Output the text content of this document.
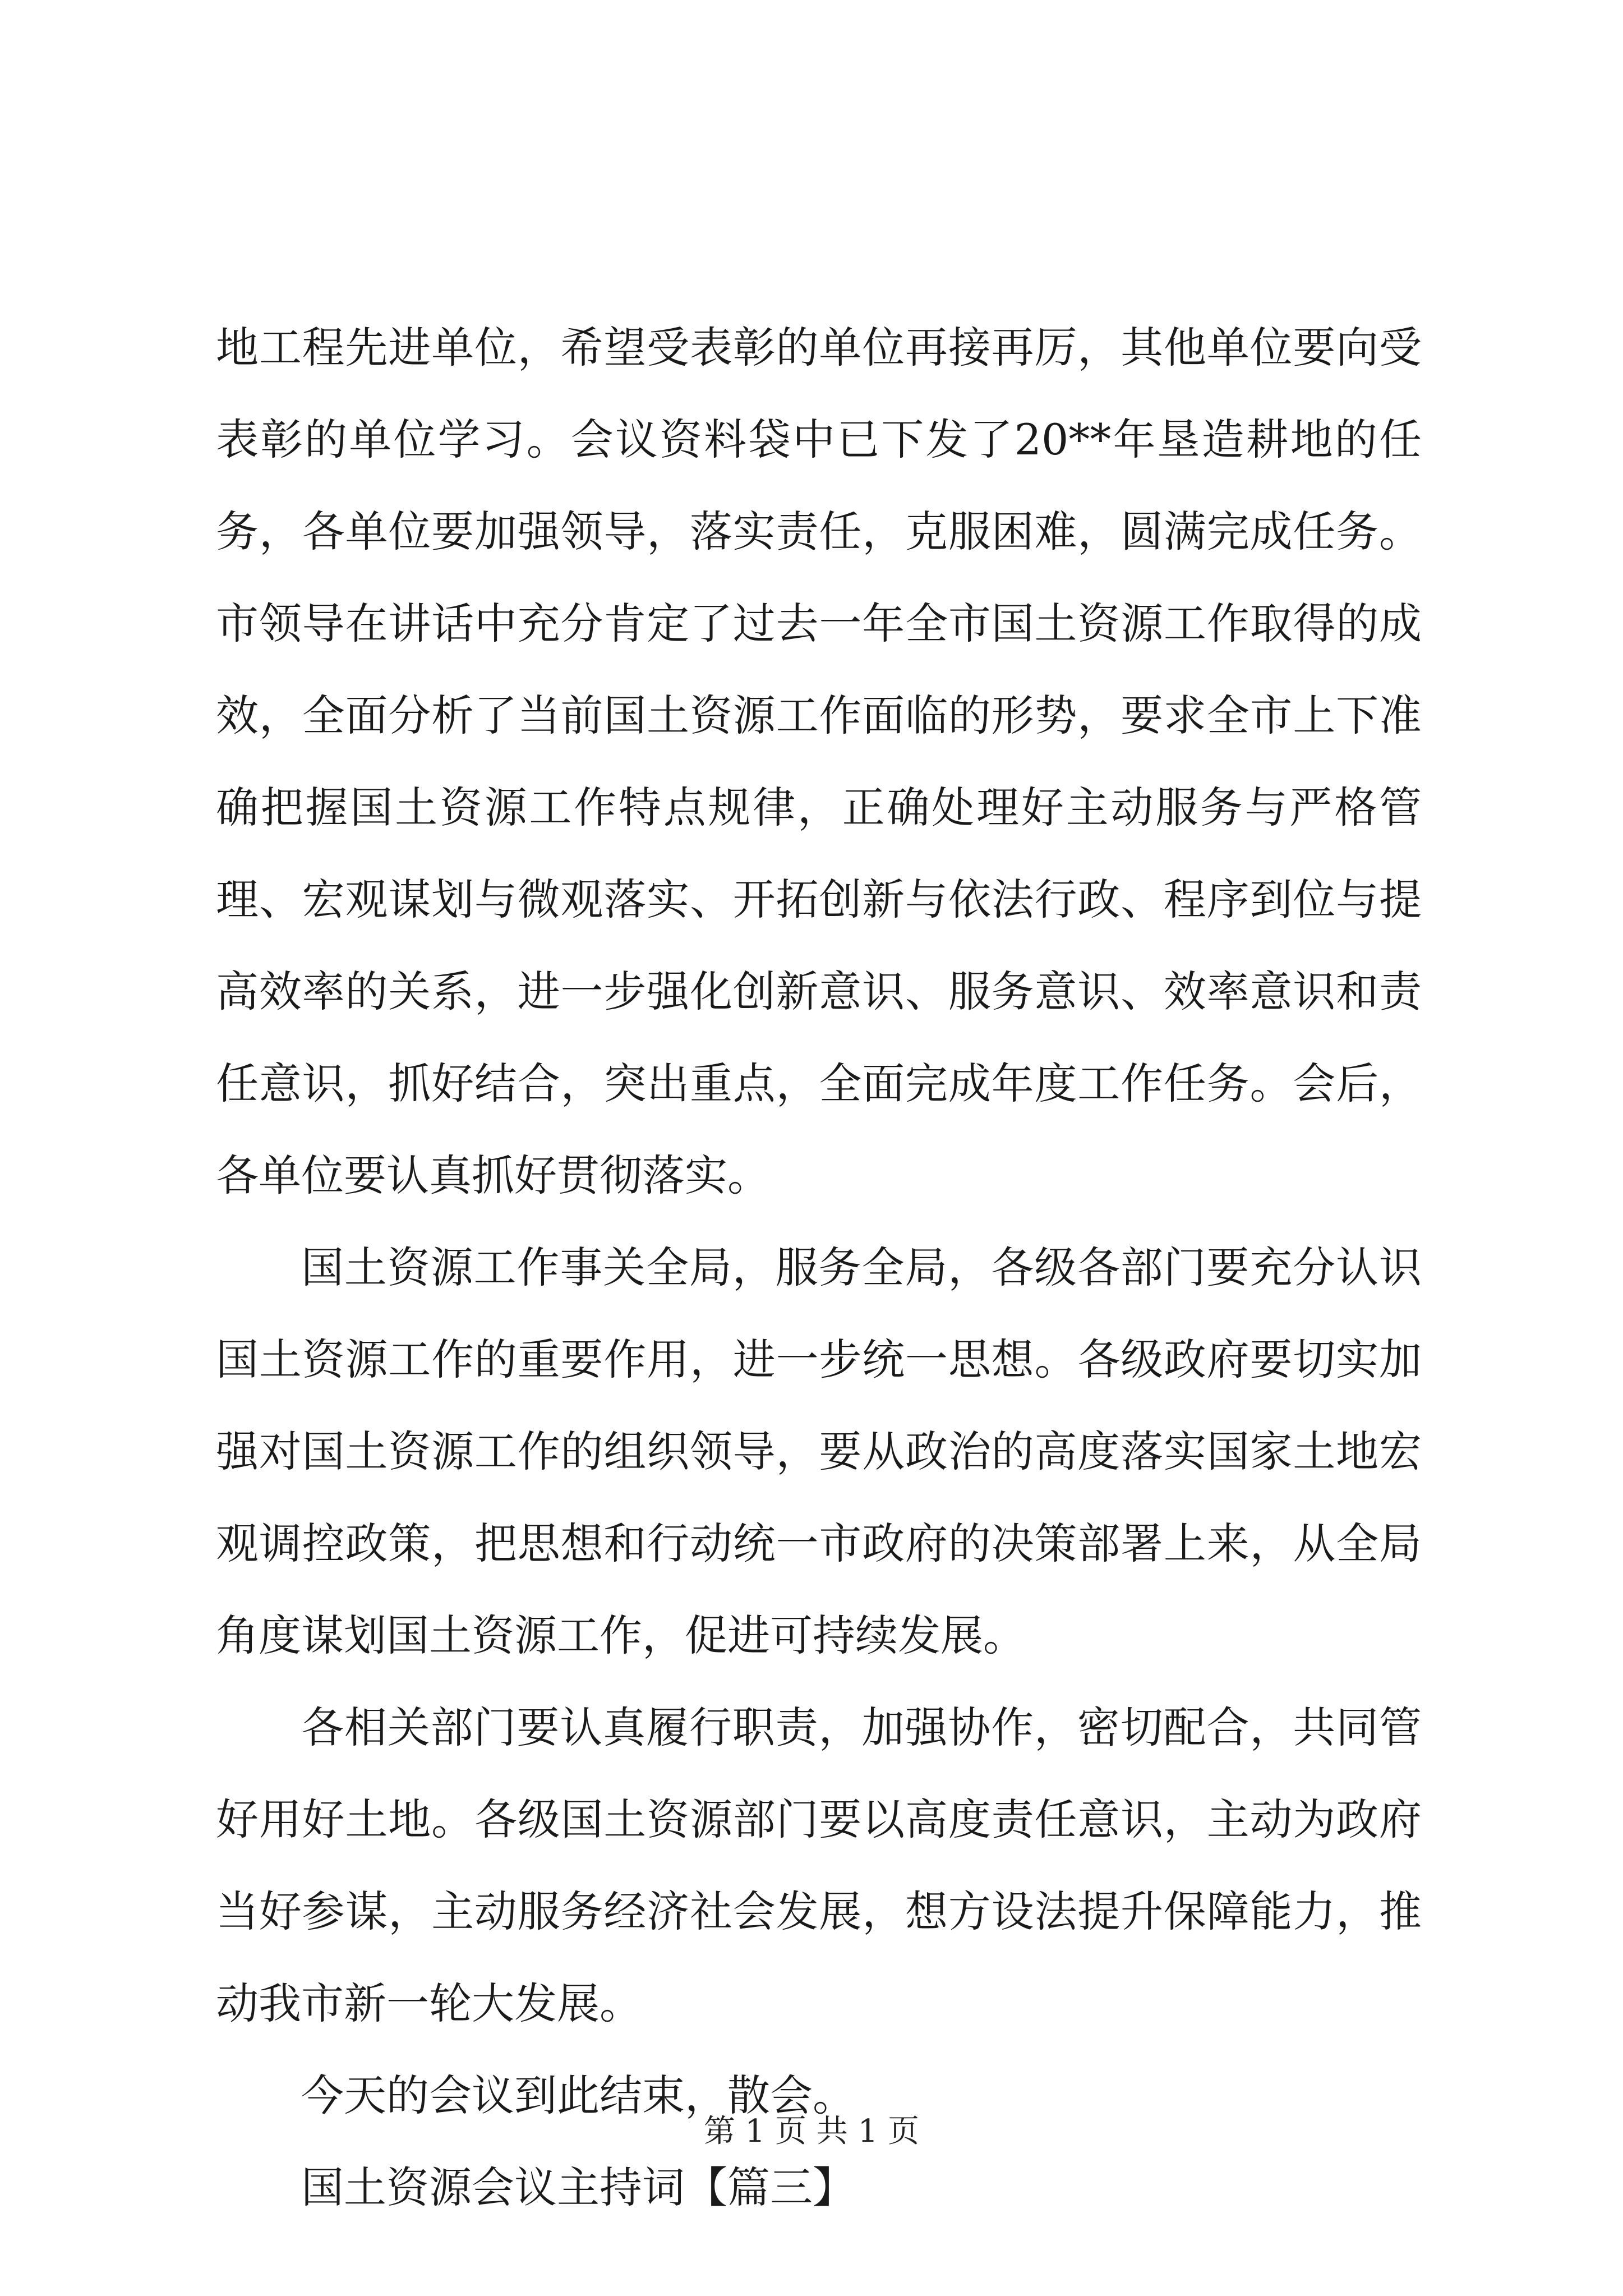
地工程先进单位，希望受表彰的单位再接再厉，其他单位要向受表彰的单位学习。会议资料袋中已下发了20**年垦造耕地的任务，各单位要加强领导，落实责任，克服困难，圆满完成任务。市领导在讲话中充分肯定了过去一年全市国土资源工作取得的成效，全面分析了当前国土资源工作面临的形势，要求全市上下准确把握国土资源工作特点规律，正确处理好主动服务与严格管理、宏观谋划与微观落实、开拓创新与依法行政、程序到位与提高效率的关系，进一步强化创新意识、服务意识、效率意识和责任意识，抓好结合，突出重点，全面完成年度工作任务。会后，各单位要认真抓好贯彻落实。

国土资源工作事关全局，服务全局，各级各部门要充分认识国土资源工作的重要作用，进一步统一思想。各级政府要切实加强对国土资源工作的组织领导，要从政治的高度落实国家土地宏观调控政策，把思想和行动统一市政府的决策部署上来，从全局角度谋划国土资源工作，促进可持续发展。

各相关部门要认真履行职责，加强协作，密切配合，共同管好用好土地。各级国土资源部门要以高度责任意识，主动为政府当好参谋，主动服务经济社会发展，想方设法提升保障能力，推动我市新一轮大发展。

今天的会议到此结束，散会。

国土资源会议主持词【篇三】

第 1 页 共 1 页
